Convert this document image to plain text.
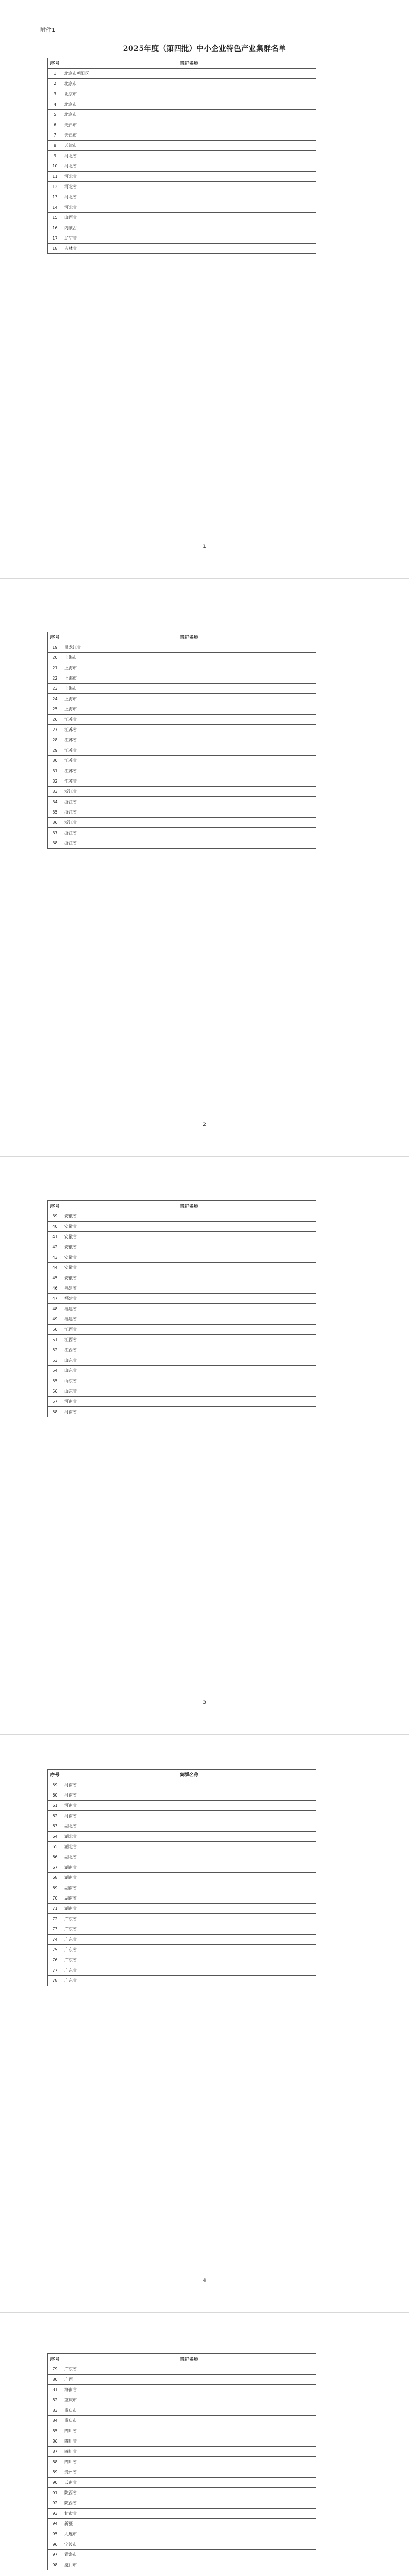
附件1
2025年度（第四批）中小企业特色产业集群名单
序号	集群名称
1	北京市朝阳区
2	北京市
3	北京市
4	北京市
5	北京市
6	天津市
7	天津市
8	天津市
9	河北省
10	河北省
11	河北省
12	河北省
13	河北省
14	河北省
15	山西省
16	内蒙古
17	辽宁省
18	吉林省
序号	集群名称
19	黑龙江省
20	上海市
21	上海市
22	上海市
23	上海市
24	上海市
25	上海市
26	江苏省
27	江苏省
28	江苏省
29	江苏省
30	江苏省
31	江苏省
32	江苏省
33	浙江省
34	浙江省
35	浙江省
36	浙江省
37	浙江省
38	浙江省
序号	集群名称
39	安徽省
40	安徽省
41	安徽省
42	安徽省
43	安徽省
44	安徽省
45	安徽省
46	福建省
47	福建省
48	福建省
49	福建省
50	江西省
51	江西省
52	江西省
53	山东省
54	山东省
55	山东省
56	山东省
57	河南省
58	河南省
序号	集群名称
59	河南省
60	河南省
61	河南省
62	河南省
63	湖北省
64	湖北省
65	湖北省
66	湖北省
67	湖南省
68	湖南省
69	湖南省
70	湖南省
71	湖南省
72	广东省
73	广东省
74	广东省
75	广东省
76	广东省
77	广东省
78	广东省
序号	集群名称
79	广东省
80	广西
81	海南省
82	重庆市
83	重庆市
84	重庆市
85	四川省
86	四川省
87	四川省
88	四川省
89	贵州省
90	云南省
91	陕西省
92	陕西省
93	甘肃省
94	新疆
95	大连市
96	宁波市
97	青岛市
98	厦门市

1
2
3
4
